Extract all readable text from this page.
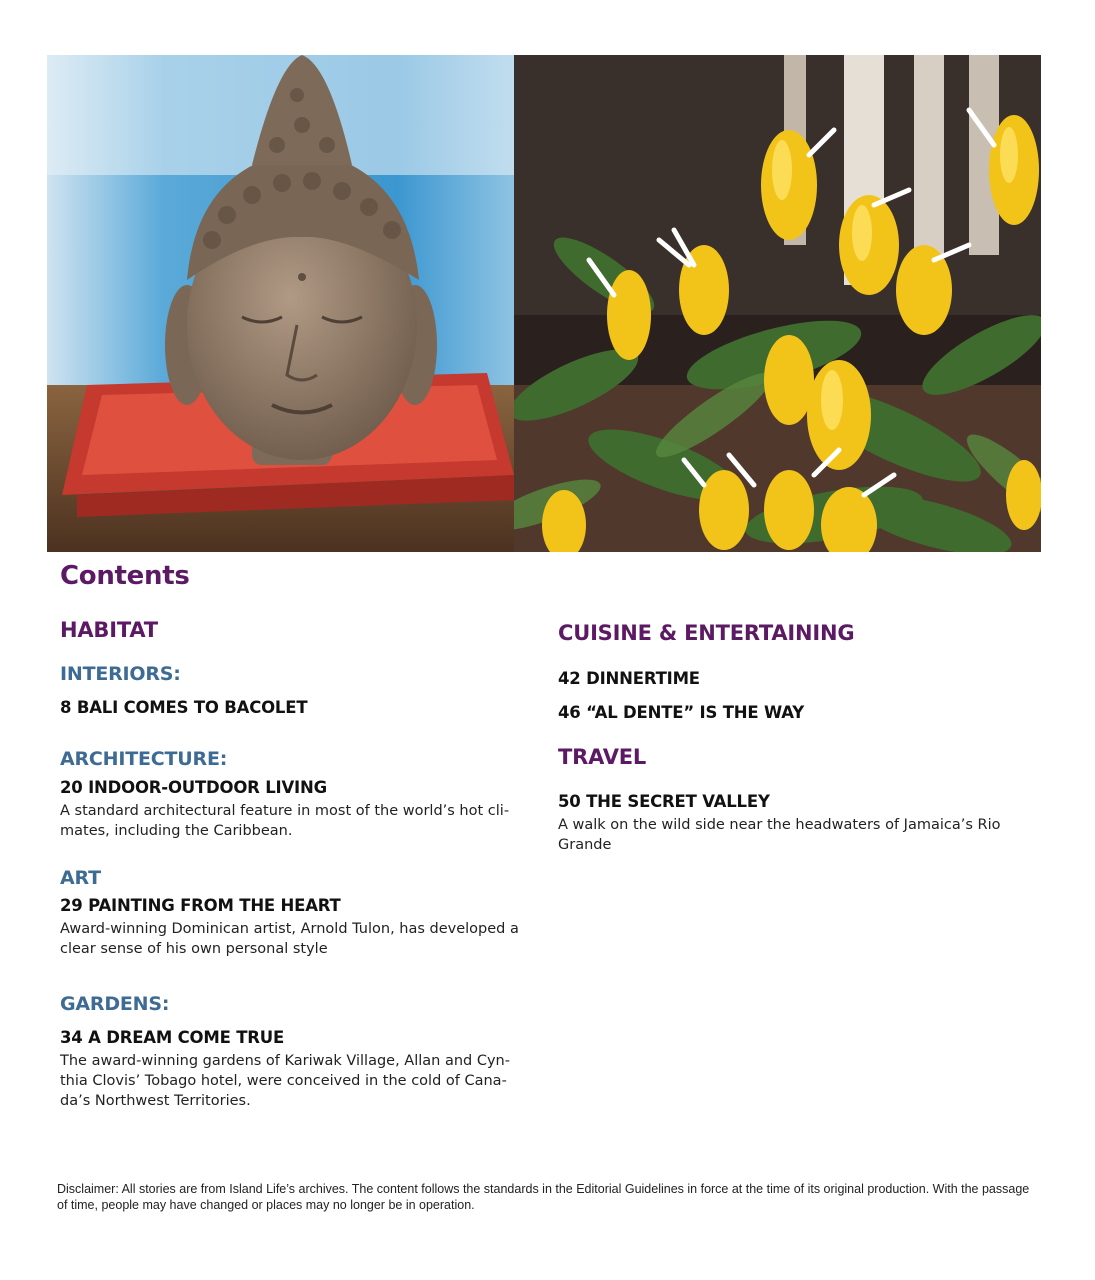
Contents
HABITAT
INTERIORS:
8 BALI COMES TO BACOLET
ARCHITECTURE:
20 INDOOR-OUTDOOR LIVING
A standard architectural feature in most of the world’s hot cli-mates, including the Caribbean.
ART
29 PAINTING FROM THE HEART
Award-winning Dominican artist, Arnold Tulon, has developed a clear sense of his own personal style
GARDENS:
34 A DREAM COME TRUE
The award-winning gardens of Kariwak Village, Allan and Cyn-thia Clovis’ Tobago hotel, were conceived in the cold of Cana-da’s Northwest Territories.
CUISINE & ENTERTAINING
42 DINNERTIME
46 “AL DENTE” IS THE WAY
TRAVEL
50 THE SECRET VALLEY
A walk on the wild side near the headwaters of Jamaica’s Rio Grande
Disclaimer: All stories are from Island Life’s archives. The content follows the standards in the Editorial Guidelines in force at the time of its original production. With the passage of time, people may have changed or places may no longer be in operation.
